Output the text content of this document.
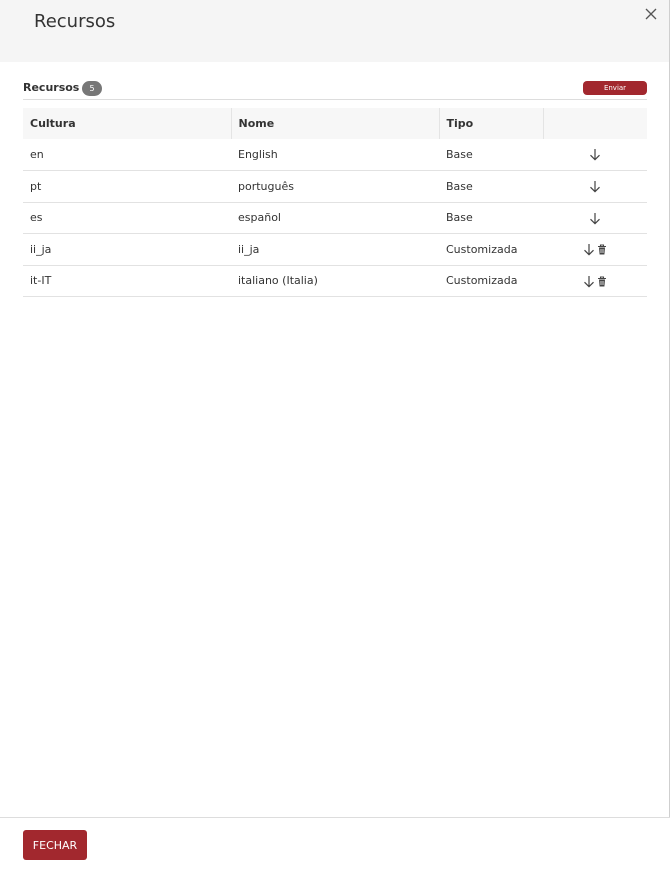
Recursos
Recursos	5	Enviar
Cultura	Nome	Tipo	
en	English	Base	

pt	português	Base	

es	español	Base	

ii_ja	ii_ja	Customizada	

it-IT	italiano (Italia)	Customizada	
FECHAR
